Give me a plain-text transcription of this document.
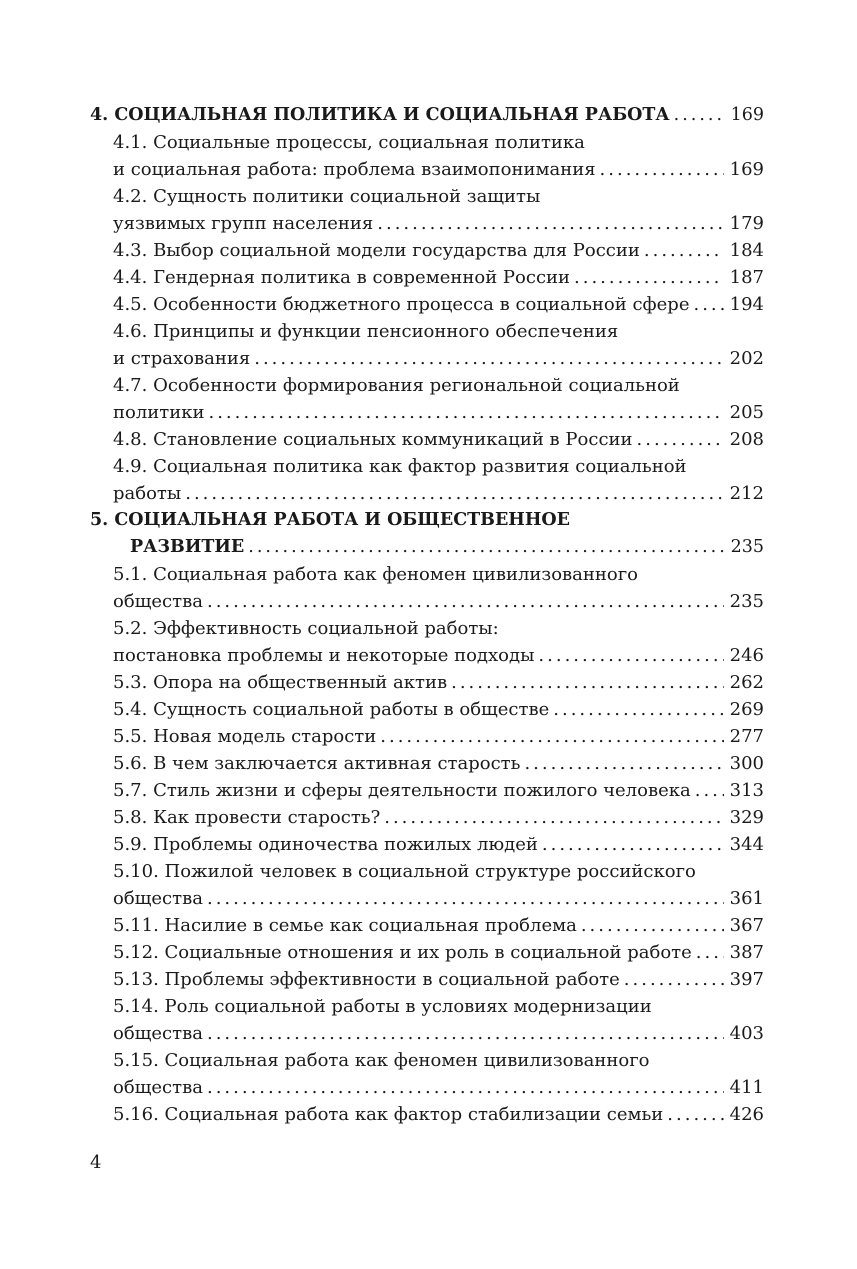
4. СОЦИАЛЬНАЯ ПОЛИТИКА И СОЦИАЛЬНАЯ РАБОТА .....	169
4.1. Социальные процессы, социальная политика
и социальная работа: проблема взаимопонимания .....	169
4.2. Сущность политики социальной защиты
уязвимых групп населения .....	179
4.3. Выбор социальной модели государства для России .....	184
4.4. Гендерная политика в современной России .....	187
4.5. Особенности бюджетного процесса в социальной сфере ..... 194
4.6. Принципы и функции пенсионного обеспечения
и страхования .....	202
4.7. Особенности формирования региональной социальной
политики .....	205
4.8. Становление социальных коммуникаций в России .....	208
4.9. Социальная политика как фактор развития социальной
работы .....	212
5. СОЦИАЛЬНАЯ РАБОТА И ОБЩЕСТВЕННОЕ
РАЗВИТИЕ .....	235
5.1. Социальная работа как феномен цивилизованного
общества .....	235
5.2. Эффективность социальной работы:
постановка проблемы и некоторые подходы .....	246
5.3. Опора на общественный актив .....	262
5.4. Сущность социальной работы в обществе .....	269
5.5. Новая модель старости .....	277
5.6. В чем заключается активная старость .....	300
5.7. Стиль жизни и сферы деятельности пожилого человека ..... 313
5.8. Как провести старость? .....	329
5.9. Проблемы одиночества пожилых людей .....	344
5.10. Пожилой человек в социальной структуре российского
общества .....	361
5.11. Насилие в семье как социальная проблема .....	367
5.12. Социальные отношения и их роль в социальной работе ..... 387
5.13. Проблемы эффективности в социальной работе .....	397
5.14. Роль социальной работы в условиях модернизации
общества .....	403
5.15. Социальная работа как феномен цивилизованного
общества .....	411
5.16. Социальная работа как фактор стабилизации семьи .....	426
4
